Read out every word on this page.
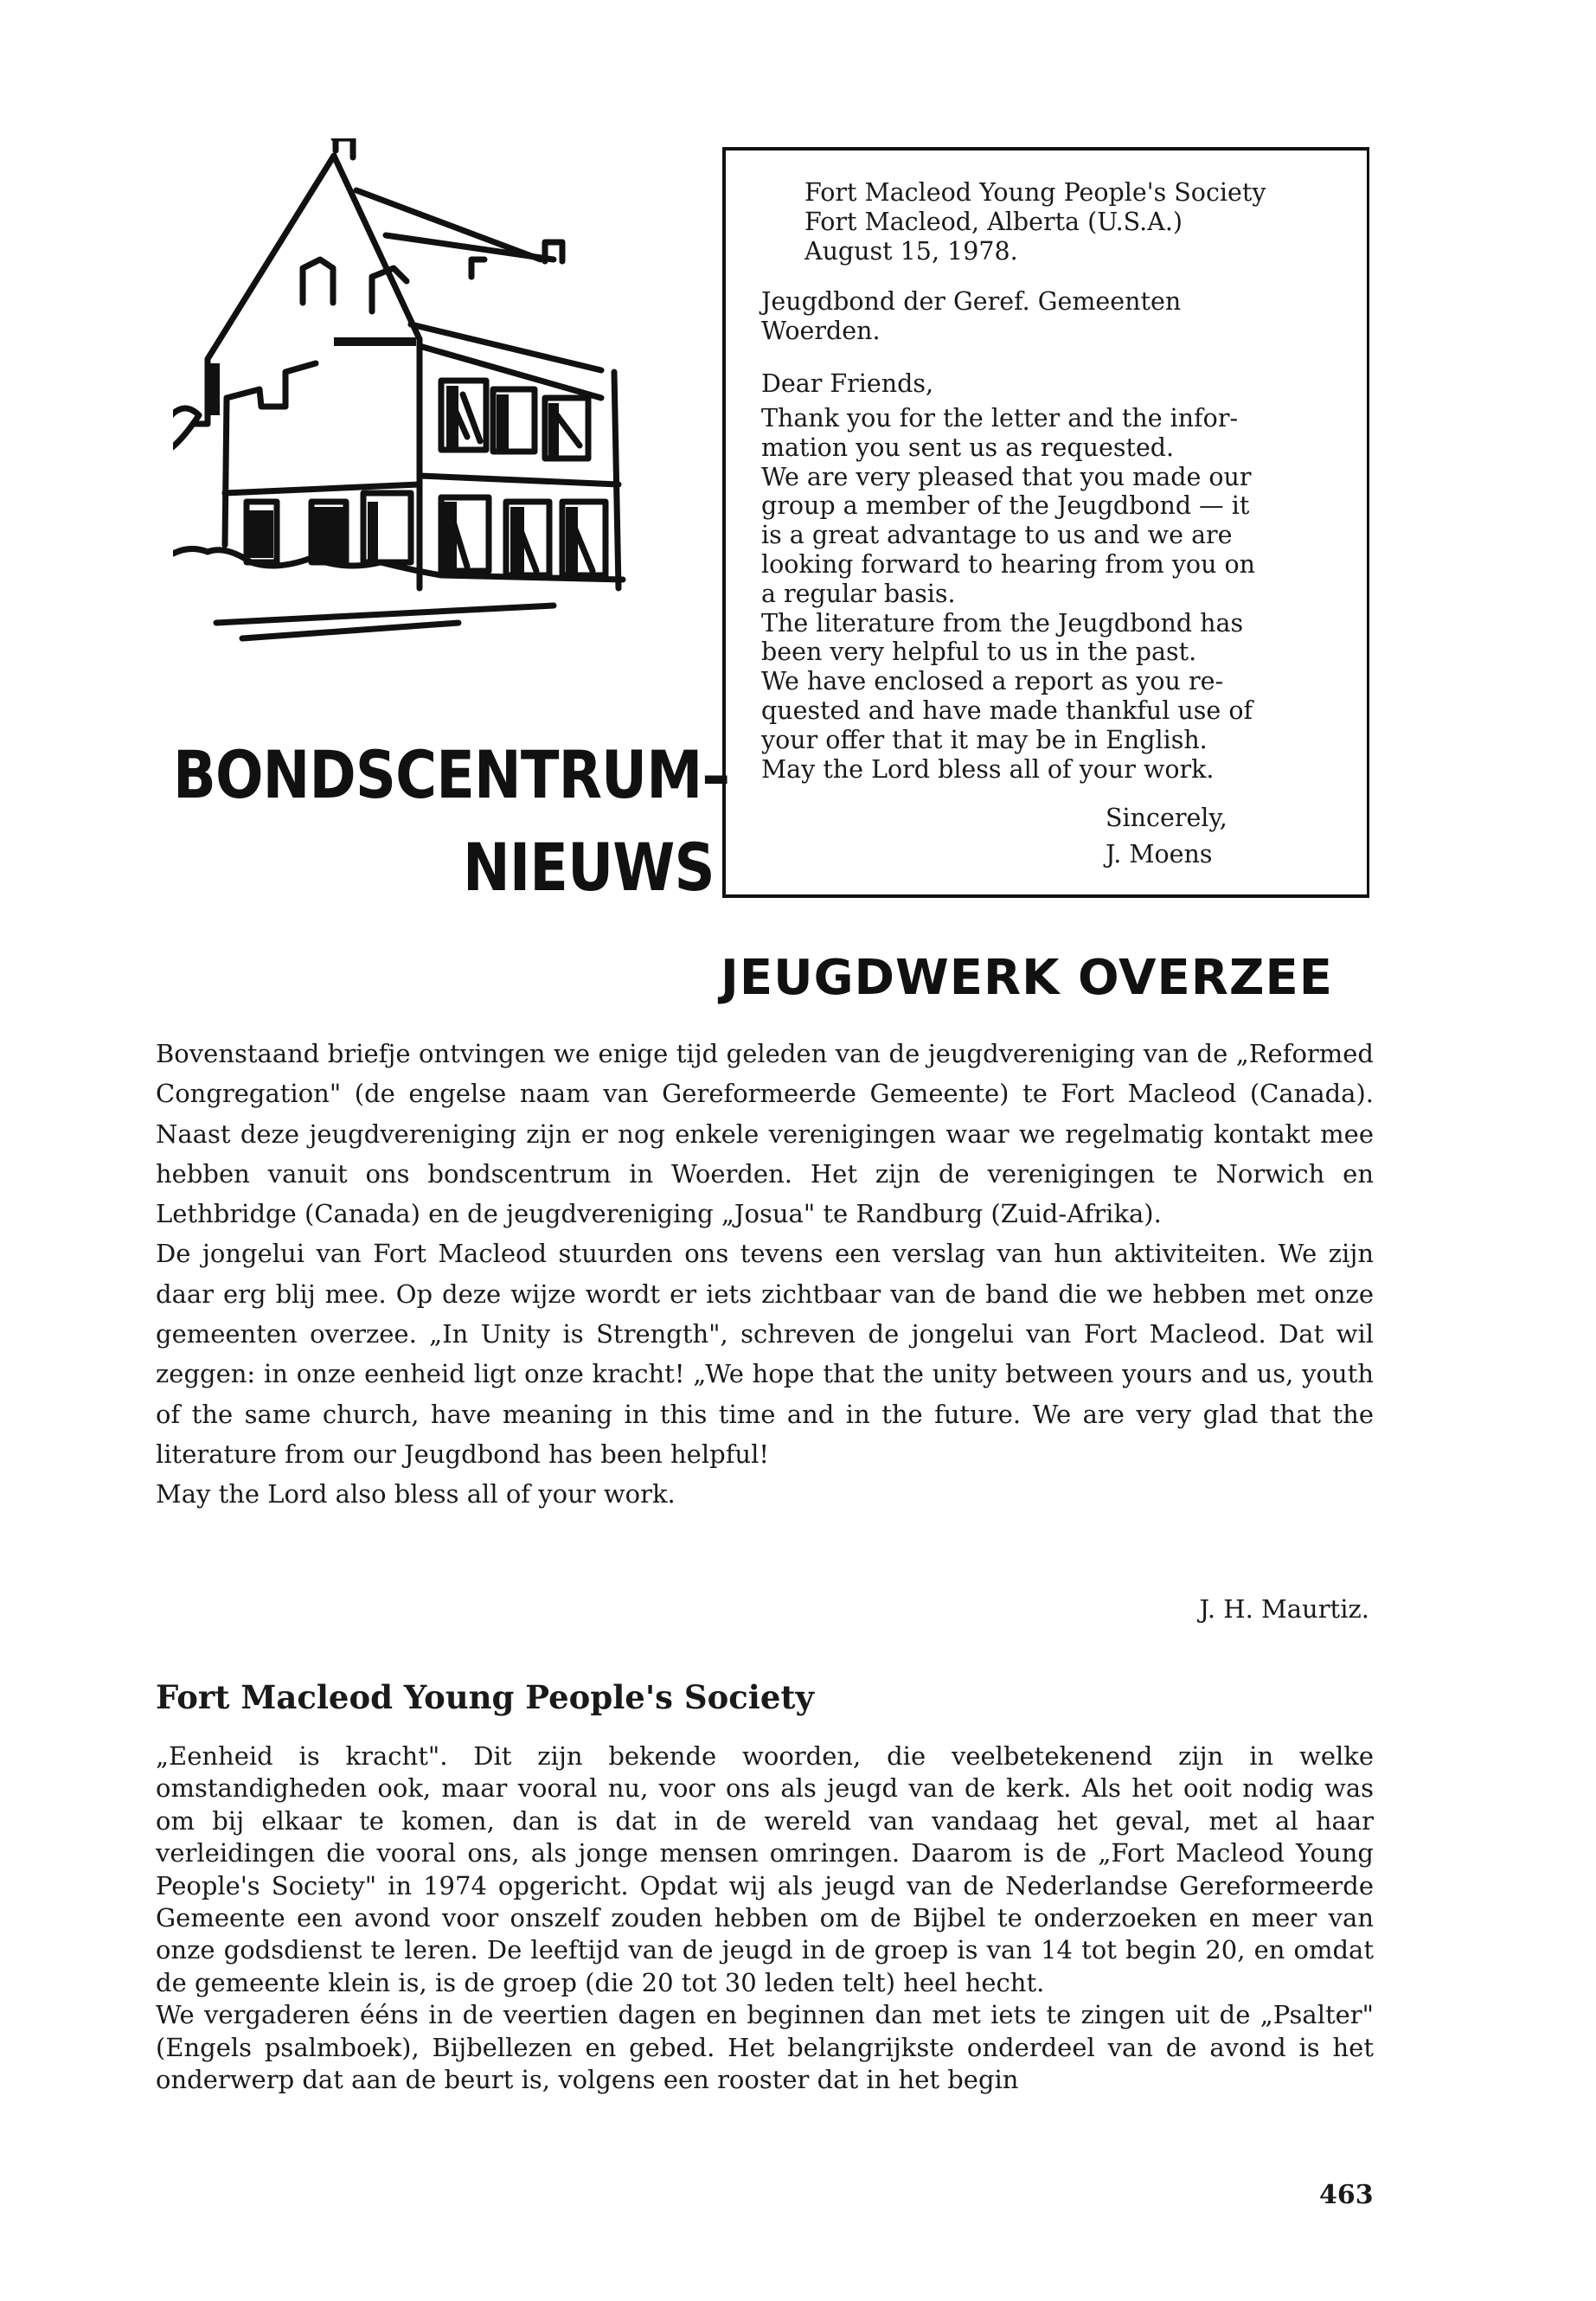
BONDSCENTRUM–
NIEUWS

Fort Macleod Young People's Society

Fort Macleod, Alberta (U.S.A.)

August 15, 1978.

Jeugdbond der Geref. Gemeenten

Woerden.

Dear Friends,

Thank you for the letter and the infor-

mation you sent us as requested.

We are very pleased that you made our

group a member of the Jeugdbond — it

is a great advantage to us and we are

looking forward to hearing from you on

a regular basis.

The literature from the Jeugdbond has

been very helpful to us in the past.

We have enclosed a report as you re-

quested and have made thankful use of

your offer that it may be in English.

May the Lord bless all of your work.

Sincerely,

J. Moens

JEUGDWERK OVERZEE

Bovenstaand briefje ontvingen we enige tijd geleden van de jeugdvereniging van de „Reformed Congregation" (de engelse naam van Gereformeerde Gemeente) te Fort Macleod (Canada). Naast deze jeugdvereniging zijn er nog enkele verenigingen waar we regelmatig kontakt mee hebben vanuit ons bondscentrum in Woerden. Het zijn de verenigingen te Norwich en Lethbridge (Canada) en de jeugdvereniging „Josua" te Randburg (Zuid-Afrika).

De jongelui van Fort Macleod stuurden ons tevens een verslag van hun aktiviteiten. We zijn daar erg blij mee. Op deze wijze wordt er iets zichtbaar van de band die we hebben met onze gemeenten overzee. „In Unity is Strength", schreven de jongelui van Fort Macleod. Dat wil zeggen: in onze eenheid ligt onze kracht! „We hope that the unity between yours and us, youth of the same church, have meaning in this time and in the future. We are very glad that the literature from our Jeugdbond has been helpful!

May the Lord also bless all of your work.

J. H. Maurtiz.
Fort Macleod Young People's Society

„Eenheid is kracht". Dit zijn bekende woorden, die veelbetekenend zijn in welke omstandigheden ook, maar vooral nu, voor ons als jeugd van de kerk. Als het ooit nodig was om bij elkaar te komen, dan is dat in de wereld van vandaag het geval, met al haar verleidingen die vooral ons, als jonge mensen omringen. Daarom is de „Fort Macleod Young People's Society" in 1974 opgericht. Opdat wij als jeugd van de Nederlandse Gereformeerde Gemeente een avond voor onszelf zouden hebben om de Bijbel te onderzoeken en meer van onze godsdienst te leren. De leeftijd van de jeugd in de groep is van 14 tot begin 20, en omdat de gemeente klein is, is de groep (die 20 tot 30 leden telt) heel hecht.

We vergaderen ééns in de veertien dagen en beginnen dan met iets te zingen uit de „Psalter" (Engels psalmboek), Bijbellezen en gebed. Het belangrijkste onderdeel van de avond is het onderwerp dat aan de beurt is, volgens een rooster dat in het begin

463
